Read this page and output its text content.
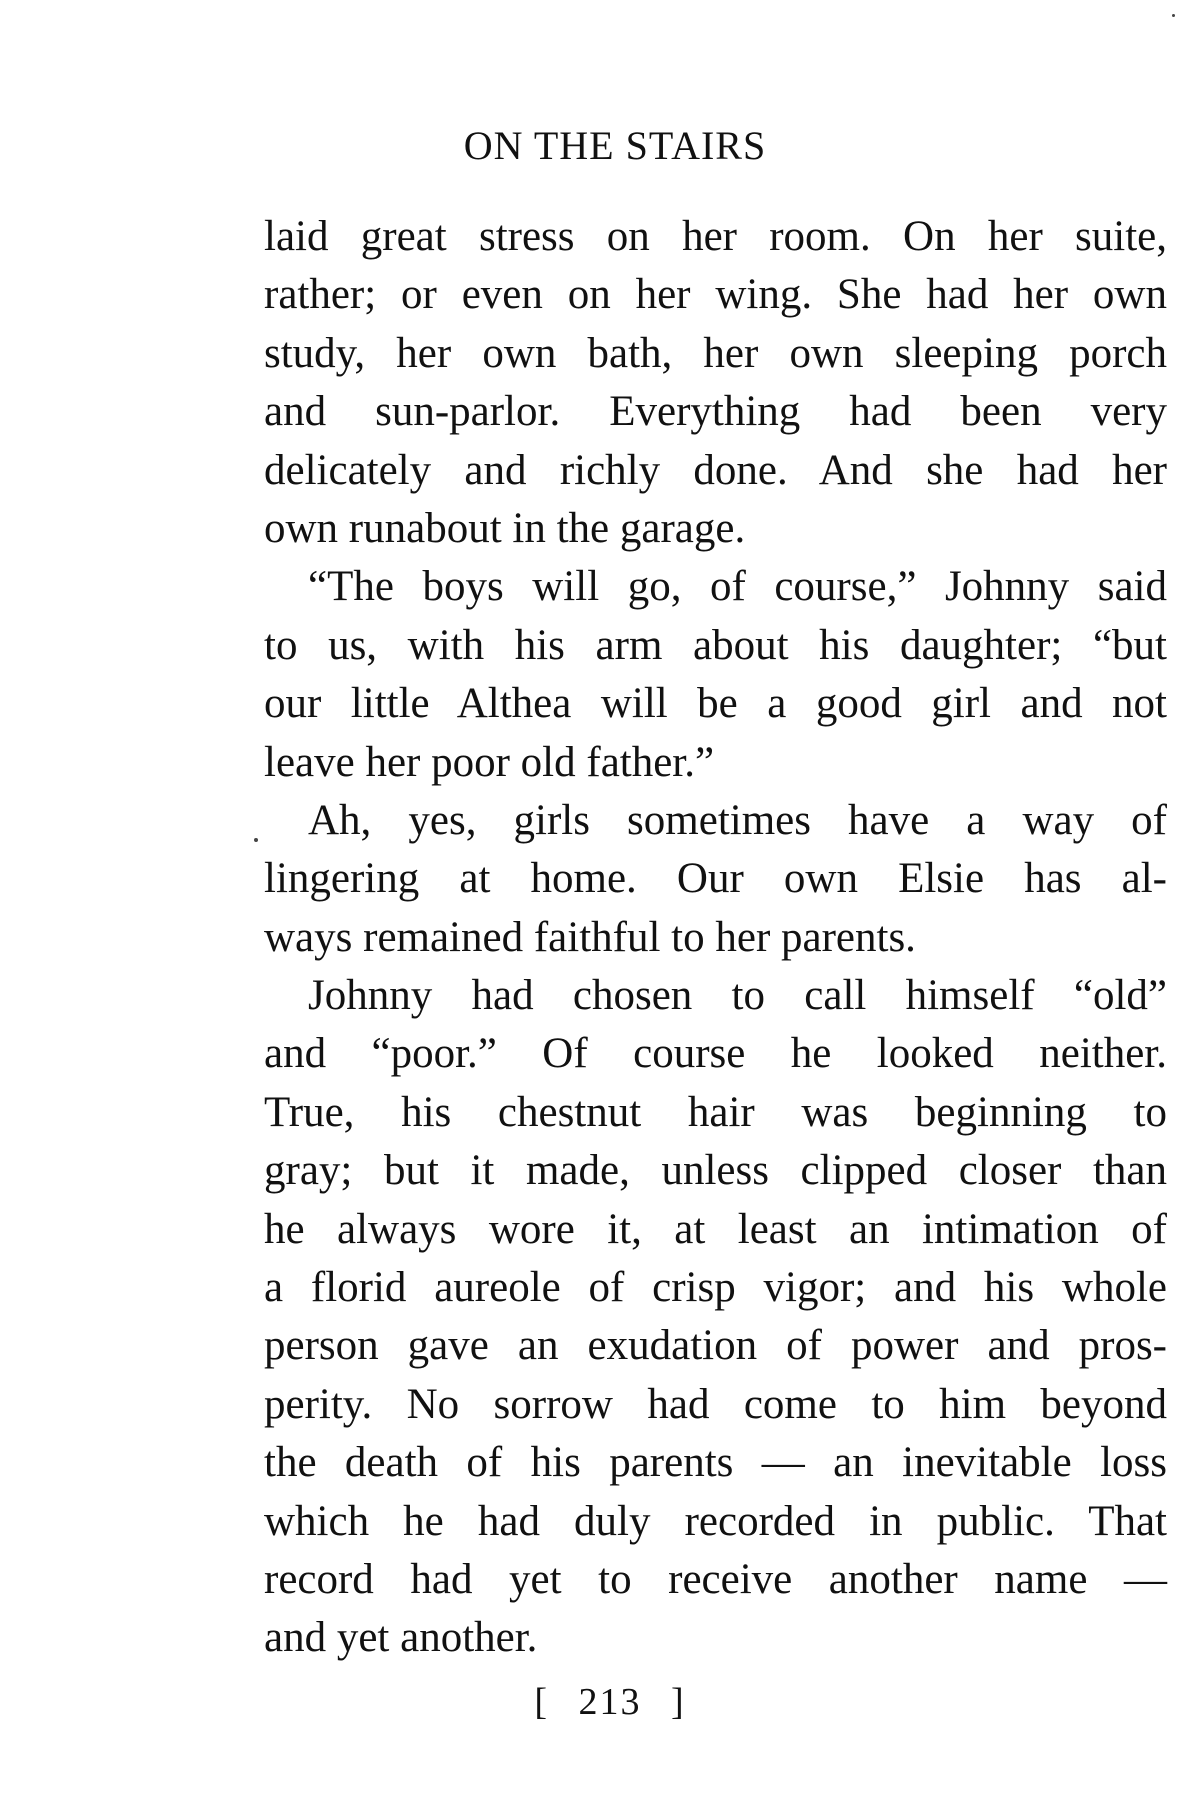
ON THE STAIRS
laid great stress on her room. On her suite,
rather; or even on her wing. She had her own
study, her own bath, her own sleeping porch
and sun-parlor. Everything had been very
delicately and richly done. And she had her
own runabout in the garage.
“The boys will go, of course,” Johnny said
to us, with his arm about his daughter; “but
our little Althea will be a good girl and not
leave her poor old father.”
Ah, yes, girls sometimes have a way of
lingering at home. Our own Elsie has al-
ways remained faithful to her parents.
Johnny had chosen to call himself “old”
and “poor.” Of course he looked neither.
True, his chestnut hair was beginning to
gray; but it made, unless clipped closer than
he always wore it, at least an intimation of
a florid aureole of crisp vigor; and his whole
person gave an exudation of power and pros-
perity. No sorrow had come to him beyond
the death of his parents — an inevitable loss
which he had duly recorded in public. That
record had yet to receive another name —
and yet another.
[ 213 ]
